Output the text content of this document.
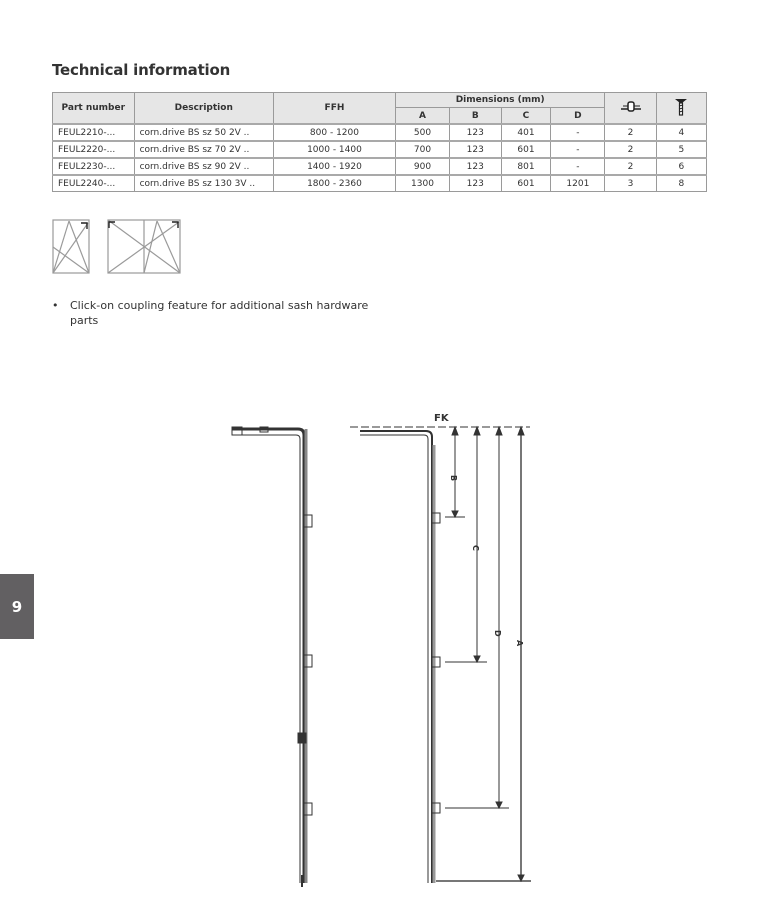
Technical information
Part number	Description	FFH	Dimensions (mm)		
			A	B	C	D		
FEUL2210-...	corn.drive BS sz 50 2V ..	800 - 1200	500	123	401	-	2	4
FEUL2220-...	corn.drive BS sz 70 2V ..	1000 - 1400	700	123	601	-	2	5
FEUL2230-...	corn.drive BS sz 90 2V ..	1400 - 1920	900	123	801	-	2	6
FEUL2240-...	corn.drive BS sz 130 3V ..	1800 - 2360	1300	123	601	1201	3	8
• Click-on coupling feature for additional sash hardware parts
9
FK
B
C
D
A
